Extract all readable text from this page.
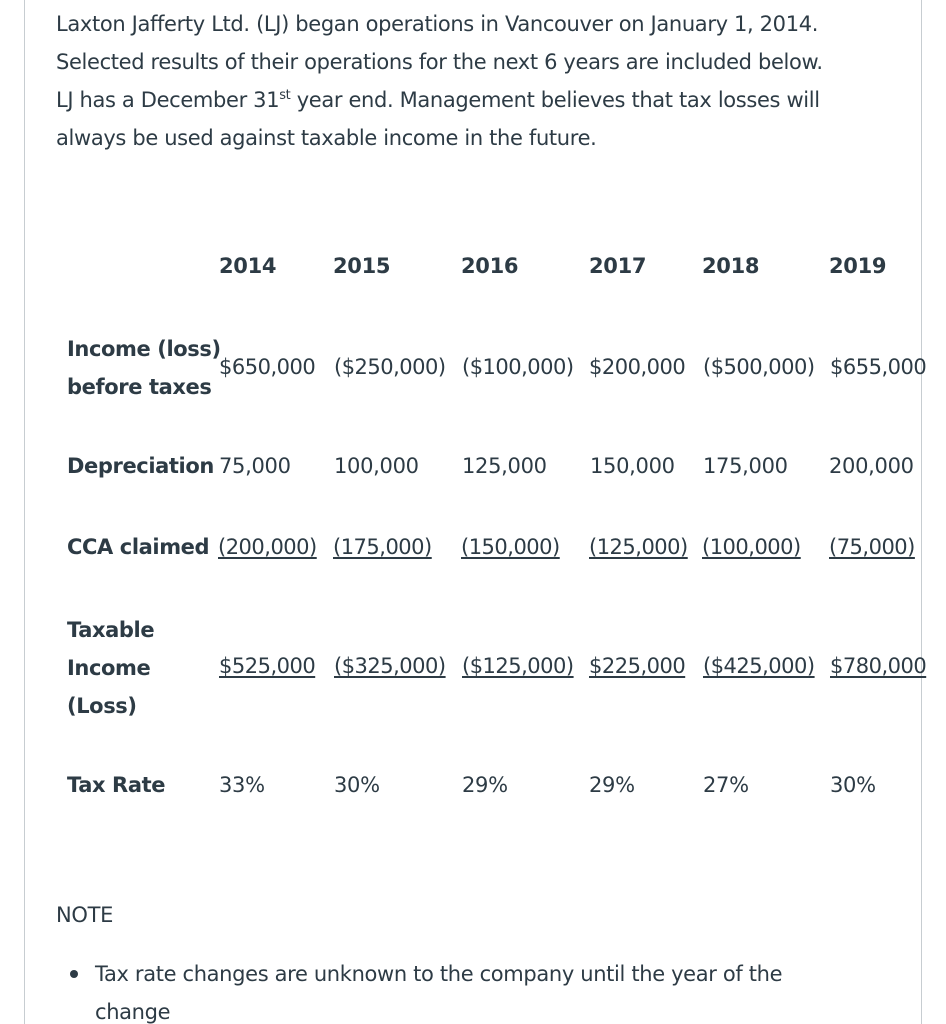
Laxton Jafferty Ltd. (LJ) began operations in Vancouver on January 1, 2014.
Selected results of their operations for the next 6 years are included below.
LJ has a December 31st year end. Management believes that tax losses will
always be used against taxable income in the future.

2014	2015	2016	2017	2018	2019
Income (loss)
before taxes
$650,000 ($250,000) ($100,000) $200,000 ($500,000) $655,000
Depreciation 75,000 100,000 125,000 150,000 175,000 200,000
CCA claimed (200,000) (175,000) (150,000) (125,000) (100,000) (75,000)
Taxable
Income
(Loss)
$525,000 ($325,000) ($125,000) $225,000 ($425,000) $780,000
Tax Rate	33%	30%	29%	29%	27%	30%
NOTE
Tax rate changes are unknown to the company until the year of the
change
